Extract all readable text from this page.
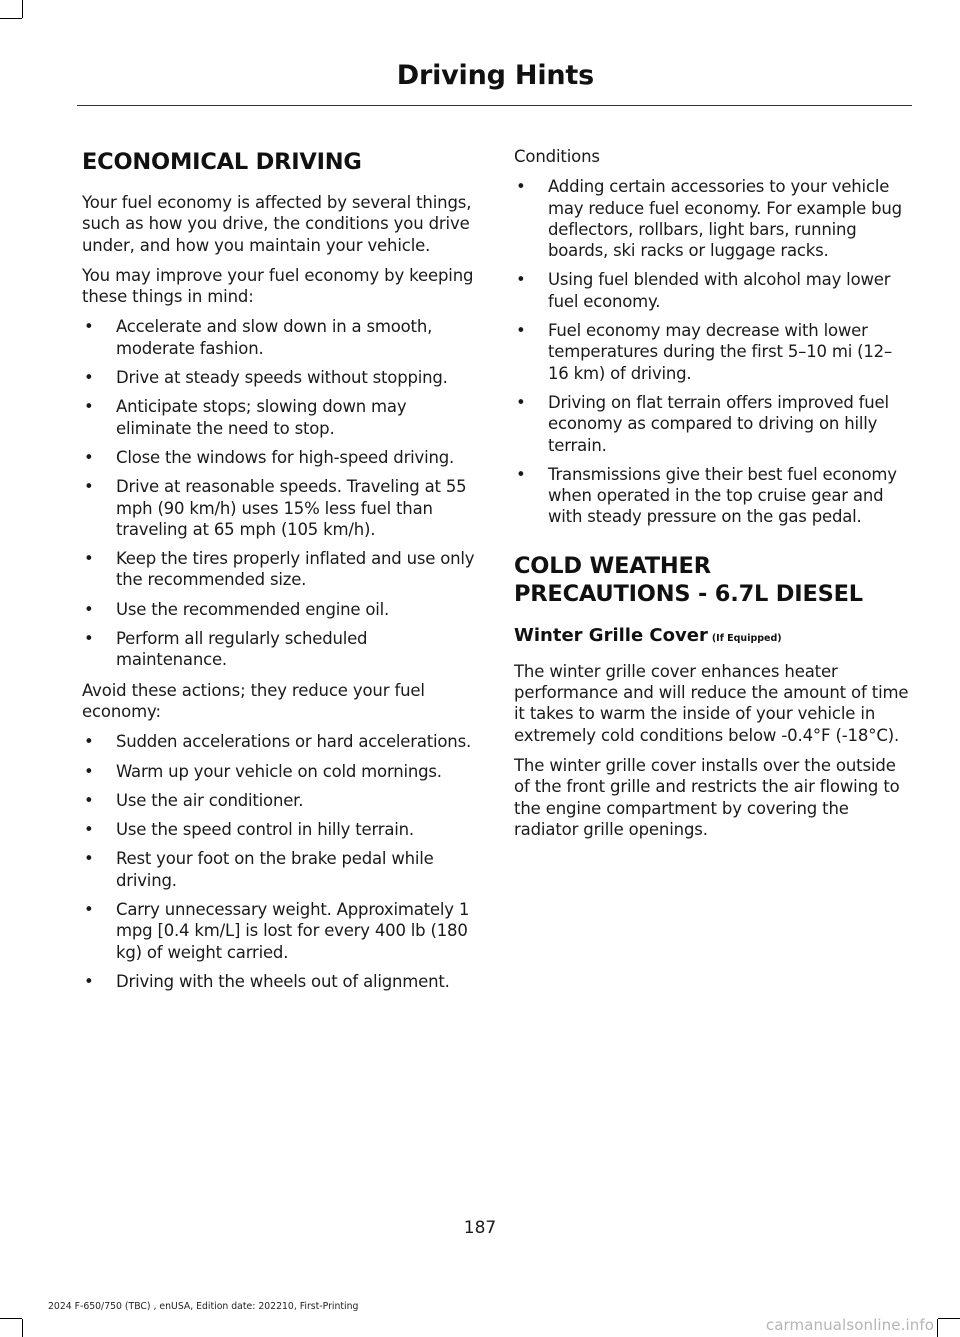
Driving Hints
ECONOMICAL DRIVING

Your fuel economy is affected by several things, such as how you drive, the conditions you drive under, and how you maintain your vehicle.

You may improve your fuel economy by keeping these things in mind:

• Accelerate and slow down in a smooth, moderate fashion.
• Drive at steady speeds without stopping.
• Anticipate stops; slowing down may eliminate the need to stop.
• Close the windows for high-speed driving.
• Drive at reasonable speeds. Traveling at 55 mph (90 km/h) uses 15% less fuel than traveling at 65 mph (105 km/h).
• Keep the tires properly inflated and use only the recommended size.
• Use the recommended engine oil.
• Perform all regularly scheduled maintenance.

Avoid these actions; they reduce your fuel economy:

• Sudden accelerations or hard accelerations.
• Warm up your vehicle on cold mornings.
• Use the air conditioner.
• Use the speed control in hilly terrain.
• Rest your foot on the brake pedal while driving.
• Carry unnecessary weight. Approximately 1 mpg [0.4 km/L] is lost for every 400 lb (180 kg) of weight carried.
• Driving with the wheels out of alignment.

Conditions

• Adding certain accessories to your vehicle may reduce fuel economy. For example bug deflectors, rollbars, light bars, running boards, ski racks or luggage racks.
• Using fuel blended with alcohol may lower fuel economy.
• Fuel economy may decrease with lower temperatures during the first 5–10 mi (12–16 km) of driving.
• Driving on flat terrain offers improved fuel economy as compared to driving on hilly terrain.
• Transmissions give their best fuel economy when operated in the top cruise gear and with steady pressure on the gas pedal.
COLD WEATHER
PRECAUTIONS - 6.7L DIESEL
Winter Grille Cover (If Equipped)

The winter grille cover enhances heater performance and will reduce the amount of time it takes to warm the inside of your vehicle in extremely cold conditions below -0.4°F (-18°C).

The winter grille cover installs over the outside of the front grille and restricts the air flowing to the engine compartment by covering the radiator grille openings.

187
2024 F-650/750 (TBC) , enUSA, Edition date: 202210, First-Printing
carmanualsonline.info
